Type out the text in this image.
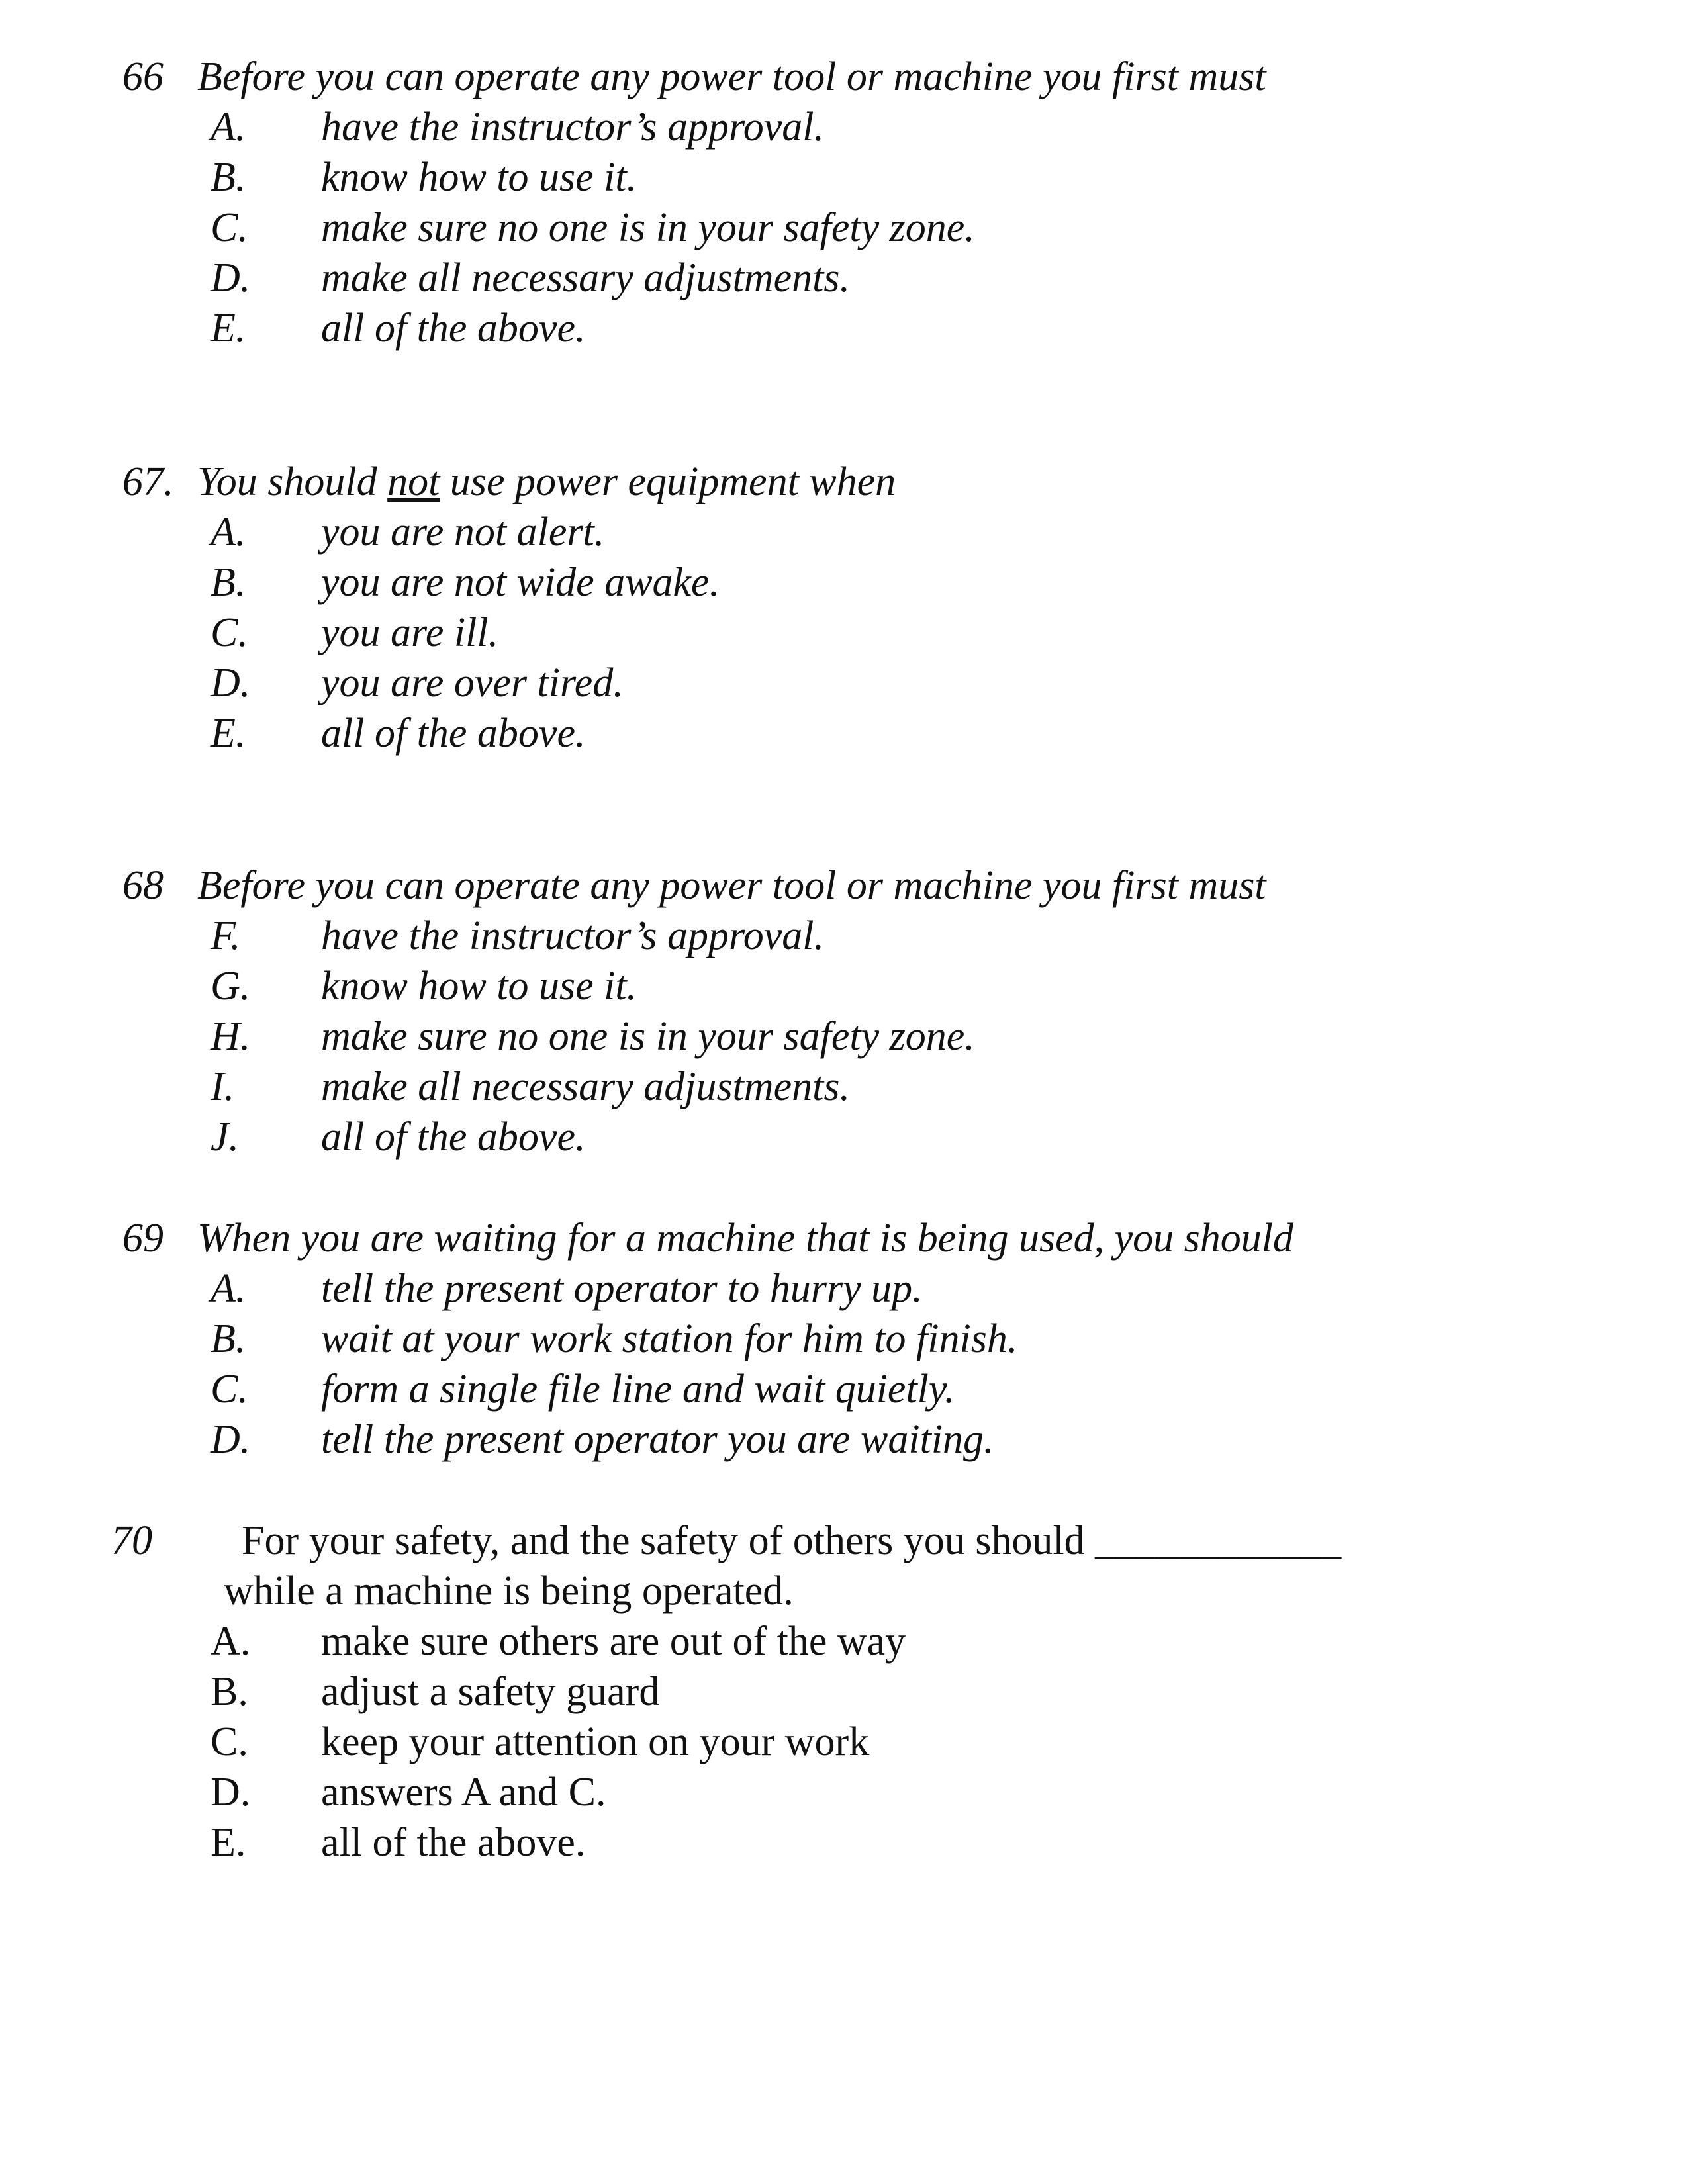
66 Before you can operate any power tool or machine you first must
A. have the instructor’s approval.
B. know how to use it.
C. make sure no one is in your safety zone.
D. make all necessary adjustments.
E. all of the above.
67. You should not use power equipment when
A. you are not alert.
B. you are not wide awake.
C. you are ill.
D. you are over tired.
E. all of the above.
68 Before you can operate any power tool or machine you first must
F. have the instructor’s approval.
G. know how to use it.
H. make sure no one is in your safety zone.
I. make all necessary adjustments.
J. all of the above.
69 When you are waiting for a machine that is being used, you should
A. tell the present operator to hurry up.
B. wait at your work station for him to finish.
C. form a single file line and wait quietly.
D. tell the present operator you are waiting.
70 For your safety, and the safety of others you should ____________
while a machine is being operated.
A. make sure others are out of the way
B. adjust a safety guard
C. keep your attention on your work
D. answers A and C.
E. all of the above.
